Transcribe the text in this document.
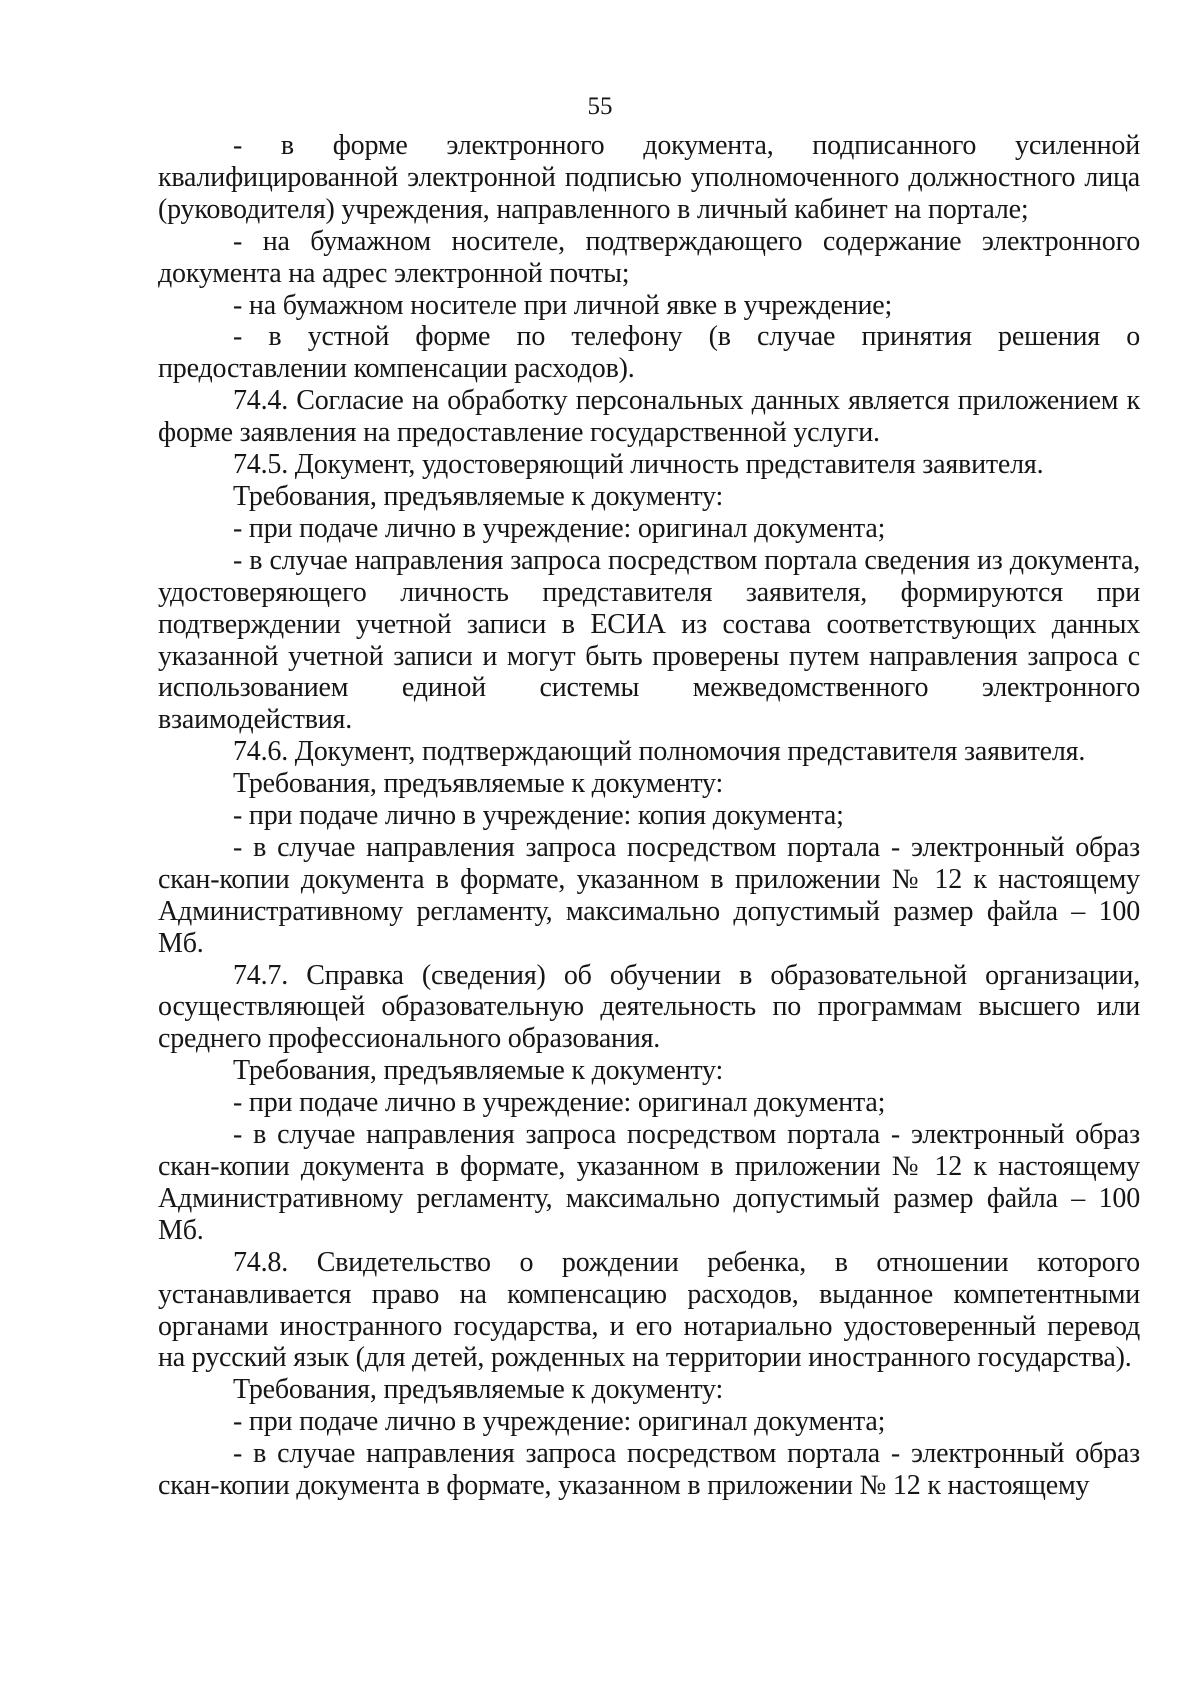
55

- в форме электронного документа, подписанного усиленной квалифицированной электронной подписью уполномоченного должностного лица (руководителя) учреждения, направленного в личный кабинет на портале;

- на бумажном носителе, подтверждающего содержание электронного документа на адрес электронной почты;

- на бумажном носителе при личной явке в учреждение;

- в устной форме по телефону (в случае принятия решения о предоставлении компенсации расходов).

74.4. Согласие на обработку персональных данных является приложением к форме заявления на предоставление государственной услуги.

74.5. Документ, удостоверяющий личность представителя заявителя.

Требования, предъявляемые к документу:

- при подаче лично в учреждение: оригинал документа;

- в случае направления запроса посредством портала сведения из документа, удостоверяющего личность представителя заявителя, формируются при подтверждении учетной записи в ЕСИА из состава соответствующих данных указанной учетной записи и могут быть проверены путем направления запроса с использованием единой системы межведомственного электронного взаимодействия.

74.6. Документ, подтверждающий полномочия представителя заявителя.

Требования, предъявляемые к документу:

- при подаче лично в учреждение: копия документа;

- в случае направления запроса посредством портала - электронный образ скан-копии документа в формате, указанном в приложении № 12 к настоящему Административному регламенту, максимально допустимый размер файла – 100 Мб.

74.7. Справка (сведения) об обучении в образовательной организации, осуществляющей образовательную деятельность по программам высшего или среднего профессионального образования.

Требования, предъявляемые к документу:

- при подаче лично в учреждение: оригинал документа;

- в случае направления запроса посредством портала - электронный образ скан-копии документа в формате, указанном в приложении № 12 к настоящему Административному регламенту, максимально допустимый размер файла – 100 Мб.

74.8. Свидетельство о рождении ребенка, в отношении которого устанавливается право на компенсацию расходов, выданное компетентными органами иностранного государства, и его нотариально удостоверенный перевод на русский язык (для детей, рожденных на территории иностранного государства).

Требования, предъявляемые к документу:

- при подаче лично в учреждение: оригинал документа;

- в случае направления запроса посредством портала - электронный образ скан-копии документа в формате, указанном в приложении № 12 к настоящему
